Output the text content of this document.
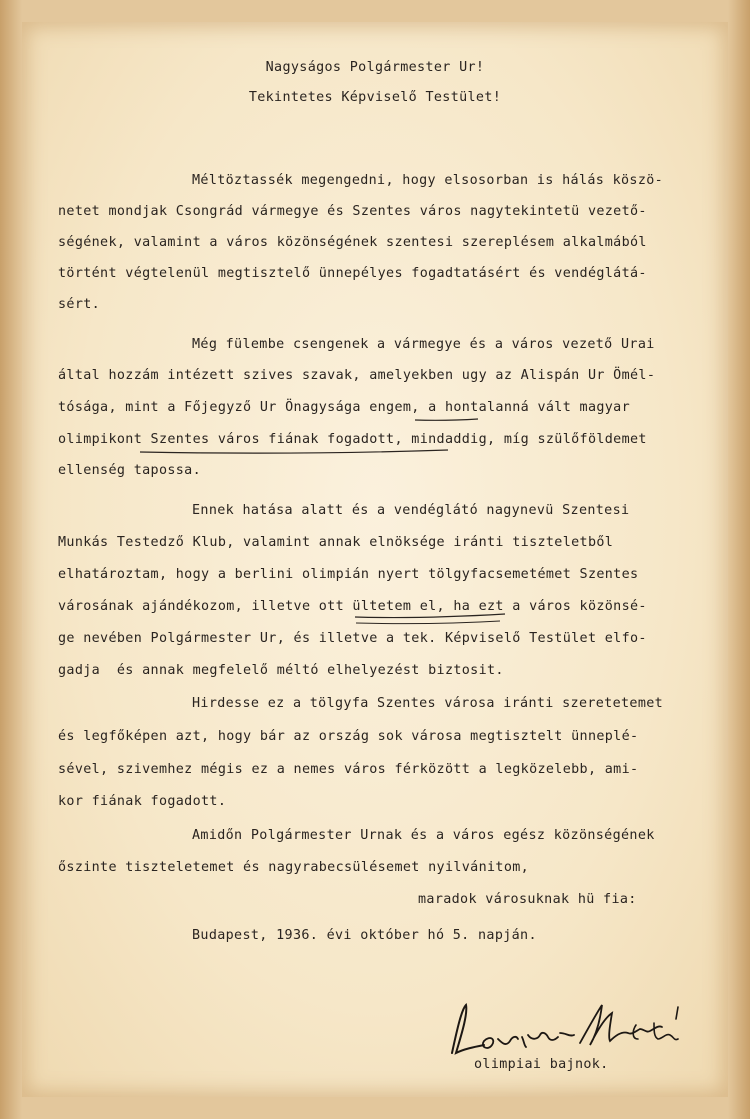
Nagyságos Polgármester Ur!
Tekintetes Képviselő Testület!
Méltöztassék megengedni, hogy elsosorban is hálás köszö-
netet mondjak Csongrád vármegye és Szentes város nagytekintetü vezető-
ségének, valamint a város közönségének szentesi szereplésem alkalmából
történt végtelenül megtisztelő ünnepélyes fogadtatásért és vendéglátá-
sért.
Még fülembe csengenek a vármegye és a város vezető Urai
által hozzám intézett szives szavak, amelyekben ugy az Alispán Ur Ömél-
tósága, mint a Főjegyző Ur Önagysága engem, a hontalanná vált magyar
olimpikont Szentes város fiának fogadott, mindaddig, míg szülőföldemet
ellenség tapossa.
Ennek hatása alatt és a vendéglátó nagynevü Szentesi
Munkás Testedző Klub, valamint annak elnöksége iránti tiszteletből
elhatároztam, hogy a berlini olimpián nyert tölgyfacsemetémet Szentes
városának ajándékozom, illetve ott ültetem el, ha ezt a város közönsé-
ge nevében Polgármester Ur, és illetve a tek. Képviselő Testület elfo-
gadja  és annak megfelelő méltó elhelyezést biztosit.
Hirdesse ez a tölgyfa Szentes városa iránti szeretetemet
és legfőképen azt, hogy bár az ország sok városa megtisztelt ünneplé-
sével, szivemhez mégis ez a nemes város férközött a legközelebb, ami-
kor fiának fogadott.
Amidőn Polgármester Urnak és a város egész közönségének
őszinte tiszteletemet és nagyrabecsülésemet nyilvánitom,
maradok városuknak hü fia:
Budapest, 1936. évi október hó 5. napján.
olimpiai bajnok.
